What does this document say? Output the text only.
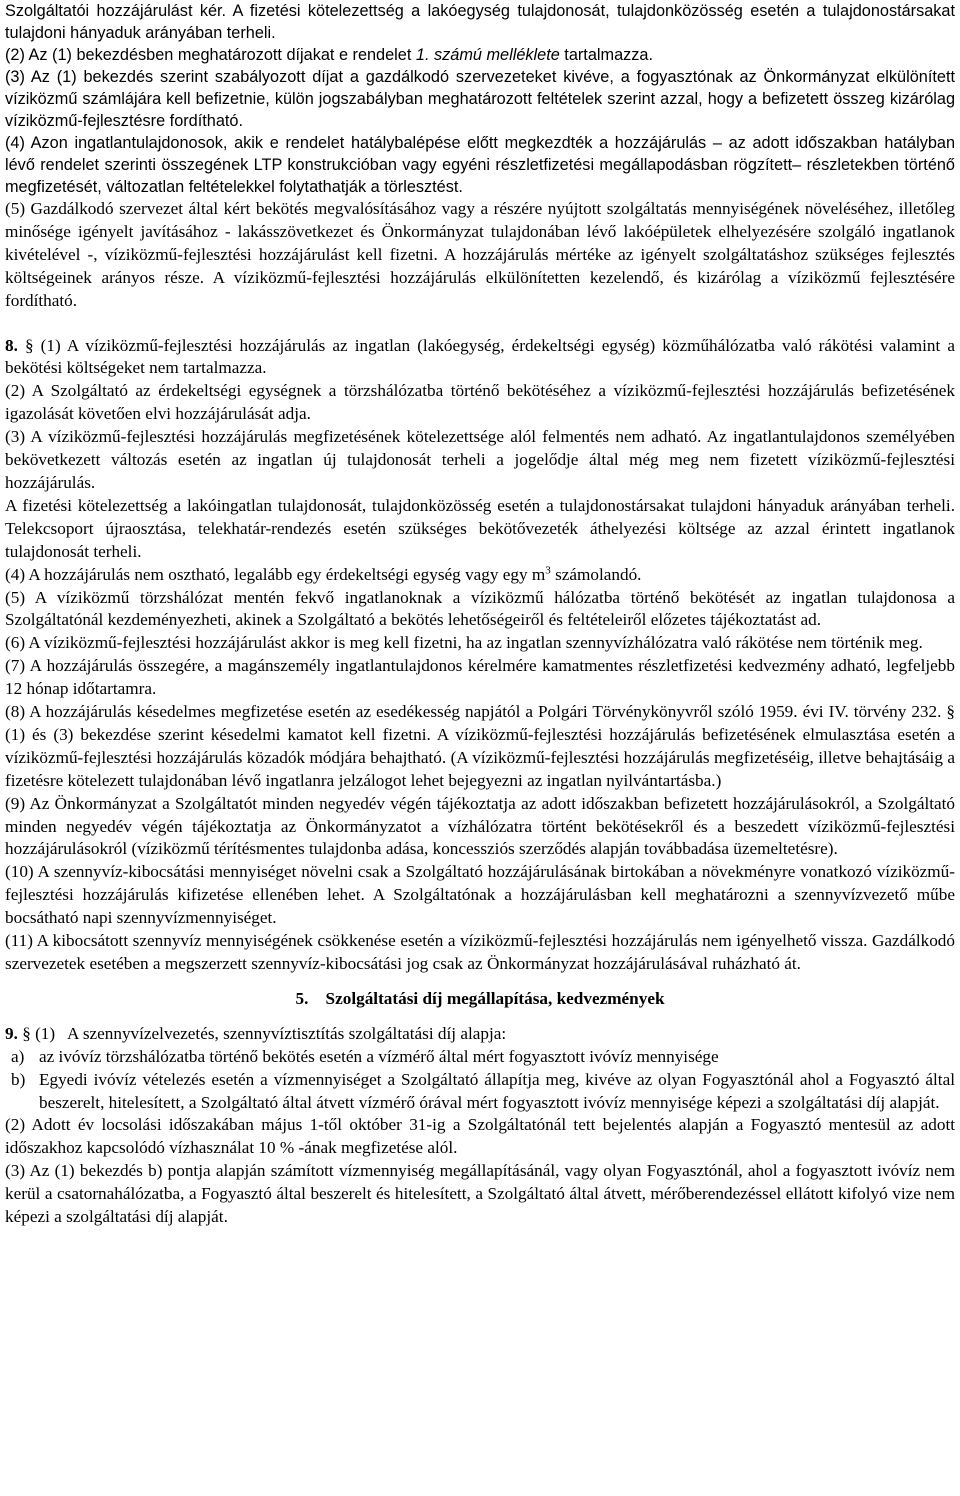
Szolgáltatói hozzájárulást kér. A fizetési kötelezettség a lakóegység tulajdonosát, tulajdonközösség esetén a tulajdonostársakat tulajdoni hányaduk arányában terheli.

(2) Az (1) bekezdésben meghatározott díjakat e rendelet 1. számú melléklete tartalmazza.

(3) Az (1) bekezdés szerint szabályozott díjat a gazdálkodó szervezeteket kivéve, a fogyasztónak az Önkormányzat elkülönített víziközmű számlájára kell befizetnie, külön jogszabályban meghatározott feltételek szerint azzal, hogy a befizetett összeg kizárólag víziközmű-fejlesztésre fordítható.

(4) Azon ingatlantulajdonosok, akik e rendelet hatálybalépése előtt megkezdték a hozzájárulás – az adott időszakban hatályban lévő rendelet szerinti összegének LTP konstrukcióban vagy egyéni részletfizetési megállapodásban rögzített– részletekben történő megfizetését, változatlan feltételekkel folytathatják a törlesztést.

(5) Gazdálkodó szervezet által kért bekötés megvalósításához vagy a részére nyújtott szolgáltatás mennyiségének növeléséhez, illetőleg minősége igényelt javításához - lakásszövetkezet és Önkormányzat tulajdonában lévő lakóépületek elhelyezésére szolgáló ingatlanok kivételével -, víziközmű-fejlesztési hozzájárulást kell fizetni. A hozzájárulás mértéke az igényelt szolgáltatáshoz szükséges fejlesztés költségeinek arányos része. A víziközmű-fejlesztési hozzájárulás elkülönítetten kezelendő, és kizárólag a víziközmű fejlesztésére fordítható.

8. § (1) A víziközmű-fejlesztési hozzájárulás az ingatlan (lakóegység, érdekeltségi egység) közműhálózatba való rákötési valamint a bekötési költségeket nem tartalmazza.

(2) A Szolgáltató az érdekeltségi egységnek a törzshálózatba történő bekötéséhez a víziközmű-fejlesztési hozzájárulás befizetésének igazolását követően elvi hozzájárulását adja.

(3) A víziközmű-fejlesztési hozzájárulás megfizetésének kötelezettsége alól felmentés nem adható. Az ingatlantulajdonos személyében bekövetkezett változás esetén az ingatlan új tulajdonosát terheli a jogelődje által még meg nem fizetett víziközmű-fejlesztési hozzájárulás.

A fizetési kötelezettség a lakóingatlan tulajdonosát, tulajdonközösség esetén a tulajdonostársakat tulajdoni hányaduk arányában terheli. Telekcsoport újraosztása, telekhatár-rendezés esetén szükséges bekötővezeték áthelyezési költsége az azzal érintett ingatlanok tulajdonosát terheli.

(4) A hozzájárulás nem osztható, legalább egy érdekeltségi egység vagy egy $m^3$ számolandó.

(5) A víziközmű törzshálózat mentén fekvő ingatlanoknak a víziközmű hálózatba történő bekötését az ingatlan tulajdonosa a Szolgáltatónál kezdeményezheti, akinek a Szolgáltató a bekötés lehetőségeiről és feltételeiről előzetes tájékoztatást ad.

(6) A víziközmű-fejlesztési hozzájárulást akkor is meg kell fizetni, ha az ingatlan szennyvízhálózatra való rákötése nem történik meg.

(7) A hozzájárulás összegére, a magánszemély ingatlantulajdonos kérelmére kamatmentes részletfizetési kedvezmény adható, legfeljebb 12 hónap időtartamra.

(8) A hozzájárulás késedelmes megfizetése esetén az esedékesség napjától a Polgári Törvénykönyvről szóló 1959. évi IV. törvény 232. § (1) és (3) bekezdése szerint késedelmi kamatot kell fizetni. A víziközmű-fejlesztési hozzájárulás befizetésének elmulasztása esetén a víziközmű-fejlesztési hozzájárulás közadók módjára behajtható. (A víziközmű-fejlesztési hozzájárulás megfizetéséig, illetve behajtásáig a fizetésre kötelezett tulajdonában lévő ingatlanra jelzálogot lehet bejegyezni az ingatlan nyilvántartásba.)

(9) Az Önkormányzat a Szolgáltatót minden negyedév végén tájékoztatja az adott időszakban befizetett hozzájárulásokról, a Szolgáltató minden negyedév végén tájékoztatja az Önkormányzatot a vízhálózatra történt bekötésekről és a beszedett víziközmű-fejlesztési hozzájárulásokról (víziközmű térítésmentes tulajdonba adása, koncessziós szerződés alapján továbbadása üzemeltetésre).

(10) A szennyvíz-kibocsátási mennyiséget növelni csak a Szolgáltató hozzájárulásának birtokában a növekményre vonatkozó víziközmű-fejlesztési hozzájárulás kifizetése ellenében lehet. A Szolgáltatónak a hozzájárulásban kell meghatározni a szennyvízvezető műbe bocsátható napi szennyvízmennyiséget.

(11) A kibocsátott szennyvíz mennyiségének csökkenése esetén a víziközmű-fejlesztési hozzájárulás nem igényelhető vissza. Gazdálkodó szervezetek esetében a megszerzett szennyvíz-kibocsátási jog csak az Önkormányzat hozzájárulásával ruházható át.

5.    Szolgáltatási díj megállapítása, kedvezmények

9. § (1)   A szennyvízelvezetés, szennyvíztisztítás szolgáltatási díj alapja:

a) az ivóvíz törzshálózatba történő bekötés esetén a vízmérő által mért fogyasztott ivóvíz mennyisége
b) Egyedi ivóvíz vételezés esetén a vízmennyiséget a Szolgáltató állapítja meg, kivéve az olyan Fogyasztónál ahol a Fogyasztó által beszerelt, hitelesített, a Szolgáltató által átvett vízmérő órával mért fogyasztott ivóvíz mennyisége képezi a szolgáltatási díj alapját.

(2) Adott év locsolási időszakában május 1-től október 31-ig a Szolgáltatónál tett bejelentés alapján a Fogyasztó mentesül az adott időszakhoz kapcsolódó vízhasználat 10 % -ának megfizetése alól.

(3) Az (1) bekezdés b) pontja alapján számított vízmennyiség megállapításánál, vagy olyan Fogyasztónál, ahol a fogyasztott ivóvíz nem kerül a csatornahálózatba, a Fogyasztó által beszerelt és hitelesített, a Szolgáltató által átvett, mérőberendezéssel ellátott kifolyó vize nem képezi a szolgáltatási díj alapját.
